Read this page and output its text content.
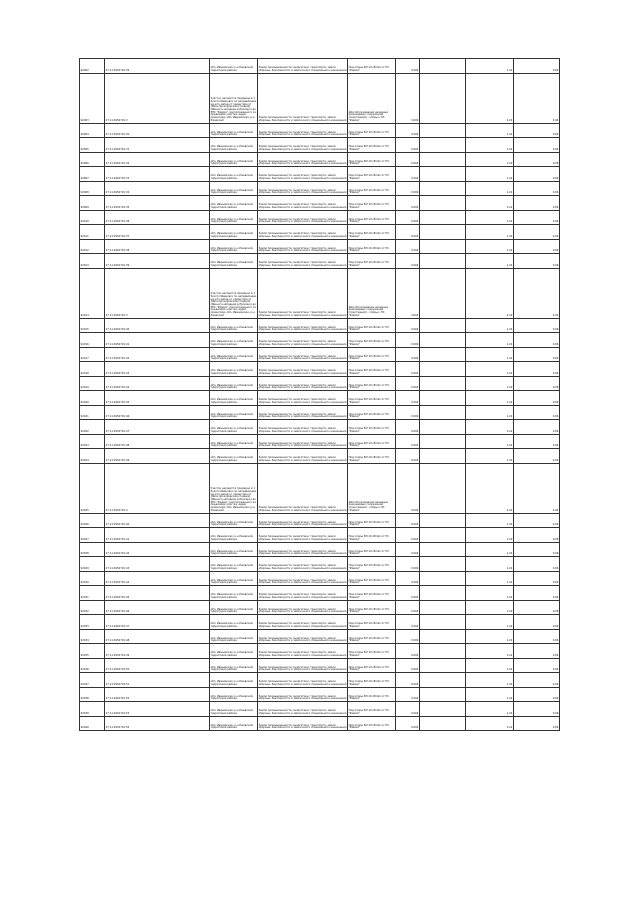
92002	27:11:0452701:39	обл. Ивановская, р-н Ржевский, территория района	Земли промышленности, энергетики, транспорта, земли обороны, безопасности и земли иного специального назначения	Под опоры ВЛ 10 кВ №1 от ПС "Ферма"	0.004		1.22	0.06

92003	27:11:0452701:3	Участок находится примерно в 1 5км по Ивановск по направлению на юго-запад от ориентира от (Ивса-прохоровская-станция) (Ива-юго-западная д Ерохино) до РПС "Ферма", расположенного за пределами участка, адрес ориентира: обл. Ивановская, р-н Ржевский	Земли промышленности, энергетики, транспорта, земли обороны, безопасности и земли иного специального назначения	Для обслуживания наземных инженерных сооружений (подстанций) - опоры к ПС "Ферма"	4.004		4.22	4.04

92004	27:11:0452701:30	обл. Ивановская, р-н Ржевский, территория района	Земли промышленности, энергетики, транспорта, земли обороны, безопасности и земли иного специального назначения	Под опоры ВЛ 10 кВ №1 от ПС "Ферма"	0.004		1.22	0.06

92005	27:11:0452701:31	обл. Ивановская, р-н Ржевский, территория района	Земли промышленности, энергетики, транспорта, земли обороны, безопасности и земли иного специального назначения	Под опоры ВЛ 10 кВ №1 от ПС "Ферма"	0.004		1.22	0.06

92006	27:11:0452701:32	обл. Ивановская, р-н Ржевский, территория района	Земли промышленности, энергетики, транспорта, земли обороны, безопасности и земли иного специального назначения	Под опоры ВЛ 10 кВ №1 от ПС "Ферма"	0.004		1.22	0.06

92007	27:11:0452701:33	обл. Ивановская, р-н Ржевский, территория района	Земли промышленности, энергетики, транспорта, земли обороны, безопасности и земли иного специального назначения	Под опоры ВЛ 10 кВ №1 от ПС "Ферма"	0.004		1.22	0.06

92008	27:11:0452701:34	обл. Ивановская, р-н Ржевский, территория района	Земли промышленности, энергетики, транспорта, земли обороны, безопасности и земли иного специального назначения	Под опоры ВЛ 10 кВ №1 от ПС "Ферма"	0.004		1.22	0.06

92009	27:11:0452701:35	обл. Ивановская, р-н Ржевский, территория района	Земли промышленности, энергетики, транспорта, земли обороны, безопасности и земли иного специального назначения	Под опоры ВЛ 10 кВ №1 от ПС "Ферма"	0.004		1.22	0.06

92010	27:11:0452701:36	обл. Ивановская, р-н Ржевский, территория района	Земли промышленности, энергетики, транспорта, земли обороны, безопасности и земли иного специального назначения	Под опоры ВЛ 10 кВ №1 от ПС "Ферма"	0.004		1.22	0.06

92011	27:11:0452701:37	обл. Ивановская, р-н Ржевский, территория района	Земли промышленности, энергетики, транспорта, земли обороны, безопасности и земли иного специального назначения	Под опоры ВЛ 10 кВ №1 от ПС "Ферма"	0.004		1.22	0.06

92012	27:11:0452701:38	обл. Ивановская, р-н Ржевский, территория района	Земли промышленности, энергетики, транспорта, земли обороны, безопасности и земли иного специального назначения	Под опоры ВЛ 10 кВ №1 от ПС "Ферма"	0.004		1.22	0.06

92013	27:11:0452701:39	обл. Ивановская, р-н Ржевский, территория района	Земли промышленности, энергетики, транспорта, земли обороны, безопасности и земли иного специального назначения	Под опоры ВЛ 10 кВ №1 от ПС "Ферма"	0.004		1.22	0.06

92014	27:11:0452701:3	Участок находится примерно в 1 5км по Ивановск по направлению на юго-запад от ориентира от (Ивса-прохоровская-станция) (Ива-юго-западная д Ерохино) до РПС "Ферма", расположенного за пределами участка, адрес ориентира: обл. Ивановская, р-н Ржевский	Земли промышленности, энергетики, транспорта, земли обороны, безопасности и земли иного специального назначения	Для обслуживания наземных инженерных сооружений (подстанций) - опоры к ПС "Ферма"	4.004		4.22	4.04

92015	27:11:0452701:40	обл. Ивановская, р-н Ржевский, территория района	Земли промышленности, энергетики, транспорта, земли обороны, безопасности и земли иного специального назначения	Под опоры ВЛ 10 кВ №1 от ПС "Ферма"	0.004		1.22	0.06

92016	27:11:0452701:41	обл. Ивановская, р-н Ржевский, территория района	Земли промышленности, энергетики, транспорта, земли обороны, безопасности и земли иного специального назначения	Под опоры ВЛ 10 кВ №1 от ПС "Ферма"	0.004		1.22	0.06

92017	27:11:0452701:42	обл. Ивановская, р-н Ржевский, территория района	Земли промышленности, энергетики, транспорта, земли обороны, безопасности и земли иного специального назначения	Под опоры ВЛ 10 кВ №1 от ПС "Ферма"	0.004		1.22	0.06

92018	27:11:0452701:43	обл. Ивановская, р-н Ржевский, территория района	Земли промышленности, энергетики, транспорта, земли обороны, безопасности и земли иного специального назначения	Под опоры ВЛ 10 кВ №1 от ПС "Ферма"	0.004		1.22	0.06

92019	27:11:0452701:44	обл. Ивановская, р-н Ржевский, территория района	Земли промышленности, энергетики, транспорта, земли обороны, безопасности и земли иного специального назначения	Под опоры ВЛ 10 кВ №1 от ПС "Ферма"	0.004		1.22	0.06

92020	27:11:0452701:45	обл. Ивановская, р-н Ржевский, территория района	Земли промышленности, энергетики, транспорта, земли обороны, безопасности и земли иного специального назначения	Под опоры ВЛ 10 кВ №1 от ПС "Ферма"	0.004		1.22	0.06

92021	27:11:0452701:46	обл. Ивановская, р-н Ржевский, территория района	Земли промышленности, энергетики, транспорта, земли обороны, безопасности и земли иного специального назначения	Под опоры ВЛ 10 кВ №1 от ПС "Ферма"	0.004		1.22	0.06

92022	27:11:0452701:47	обл. Ивановская, р-н Ржевский, территория района	Земли промышленности, энергетики, транспорта, земли обороны, безопасности и земли иного специального назначения	Под опоры ВЛ 10 кВ №1 от ПС "Ферма"	0.004		1.22	0.06

92023	27:11:0452701:48	обл. Ивановская, р-н Ржевский, территория района	Земли промышленности, энергетики, транспорта, земли обороны, безопасности и земли иного специального назначения	Под опоры ВЛ 10 кВ №1 от ПС "Ферма"	0.004		1.22	0.06

92024	27:11:0452701:49	обл. Ивановская, р-н Ржевский, территория района	Земли промышленности, энергетики, транспорта, земли обороны, безопасности и земли иного специального назначения	Под опоры ВЛ 10 кВ №1 от ПС "Ферма"	0.004		1.22	0.06

92025	27:11:0452701:4	Участок находится примерно в 1 5км по Ивановск по направлению на юго-запад от ориентира от (Ивса-прохоровская-станция) (Ива-юго-западная д Ерохино) до РПС "Ферма", расположенного за пределами участка, адрес ориентира: обл. Ивановская, р-н Ржевский	Земли промышленности, энергетики, транспорта, земли обороны, безопасности и земли иного специального назначения	Для обслуживания наземных инженерных сооружений (подстанций) - опоры к ПС "Ферма"	4.004		4.22	4.04

92026	27:11:0452701:40	обл. Ивановская, р-н Ржевский, территория района	Земли промышленности, энергетики, транспорта, земли обороны, безопасности и земли иного специального назначения	Под опоры ВЛ 10 кВ №1 от ПС "Ферма"	0.004		1.22	0.06

92027	27:11:0452701:41	обл. Ивановская, р-н Ржевский, территория района	Земли промышленности, энергетики, транспорта, земли обороны, безопасности и земли иного специального назначения	Под опоры ВЛ 10 кВ №1 от ПС "Ферма"	0.004		1.22	0.06

92028	27:11:0452701:42	обл. Ивановская, р-н Ржевский, территория района	Земли промышленности, энергетики, транспорта, земли обороны, безопасности и земли иного специального назначения	Под опоры ВЛ 10 кВ №1 от ПС "Ферма"	0.004		1.22	0.06

92029	27:11:0452701:43	обл. Ивановская, р-н Ржевский, территория района	Земли промышленности, энергетики, транспорта, земли обороны, безопасности и земли иного специального назначения	Под опоры ВЛ 10 кВ №1 от ПС "Ферма"	0.004		1.22	0.06

92030	27:11:0452701:44	обл. Ивановская, р-н Ржевский, территория района	Земли промышленности, энергетики, транспорта, земли обороны, безопасности и земли иного специального назначения	Под опоры ВЛ 10 кВ №1 от ПС "Ферма"	0.004		1.22	0.06

92031	27:11:0452701:45	обл. Ивановская, р-н Ржевский, территория района	Земли промышленности, энергетики, транспорта, земли обороны, безопасности и земли иного специального назначения	Под опоры ВЛ 10 кВ №1 от ПС "Ферма"	0.004		1.22	0.06

92032	27:11:0452701:46	обл. Ивановская, р-н Ржевский, территория района	Земли промышленности, энергетики, транспорта, земли обороны, безопасности и земли иного специального назначения	Под опоры ВЛ 10 кВ №1 от ПС "Ферма"	0.004		1.22	0.06

92033	27:11:0452701:47	обл. Ивановская, р-н Ржевский, территория района	Земли промышленности, энергетики, транспорта, земли обороны, безопасности и земли иного специального назначения	Под опоры ВЛ 10 кВ №1 от ПС "Ферма"	0.004		1.22	0.06

92034	27:11:0452701:48	обл. Ивановская, р-н Ржевский, территория района	Земли промышленности, энергетики, транспорта, земли обороны, безопасности и земли иного специального назначения	Под опоры ВЛ 10 кВ №1 от ПС "Ферма"	0.004		1.22	0.06

92035	27:11:0452701:49	обл. Ивановская, р-н Ржевский, территория района	Земли промышленности, энергетики, транспорта, земли обороны, безопасности и земли иного специального назначения	Под опоры ВЛ 10 кВ №1 от ПС "Ферма"	0.004		1.22	0.06

92036	27:11:0452701:50	обл. Ивановская, р-н Ржевский, территория района	Земли промышленности, энергетики, транспорта, земли обороны, безопасности и земли иного специального назначения	Под опоры ВЛ 10 кВ №1 от ПС "Ферма"	0.004		1.22	0.06

92037	27:11:0452701:51	обл. Ивановская, р-н Ржевский, территория района	Земли промышленности, энергетики, транспорта, земли обороны, безопасности и земли иного специального назначения	Под опоры ВЛ 10 кВ №1 от ПС "Ферма"	0.004		1.22	0.06

92038	27:11:0452701:52	обл. Ивановская, р-н Ржевский, территория района	Земли промышленности, энергетики, транспорта, земли обороны, безопасности и земли иного специального назначения	Под опоры ВЛ 10 кВ №1 от ПС "Ферма"	0.004		1.22	0.06

92039	27:11:0452701:53	обл. Ивановская, р-н Ржевский, территория района	Земли промышленности, энергетики, транспорта, земли обороны, безопасности и земли иного специального назначения	Под опоры ВЛ 10 кВ №1 от ПС "Ферма"	0.004		1.22	0.06

92040	27:11:0452701:54	обл. Ивановская, р-н Ржевский, территория района	Земли промышленности, энергетики, транспорта, земли обороны, безопасности и земли иного специального назначения	Под опоры ВЛ 10 кВ №1 от ПС "Ферма"	0.004		1.22	0.06
